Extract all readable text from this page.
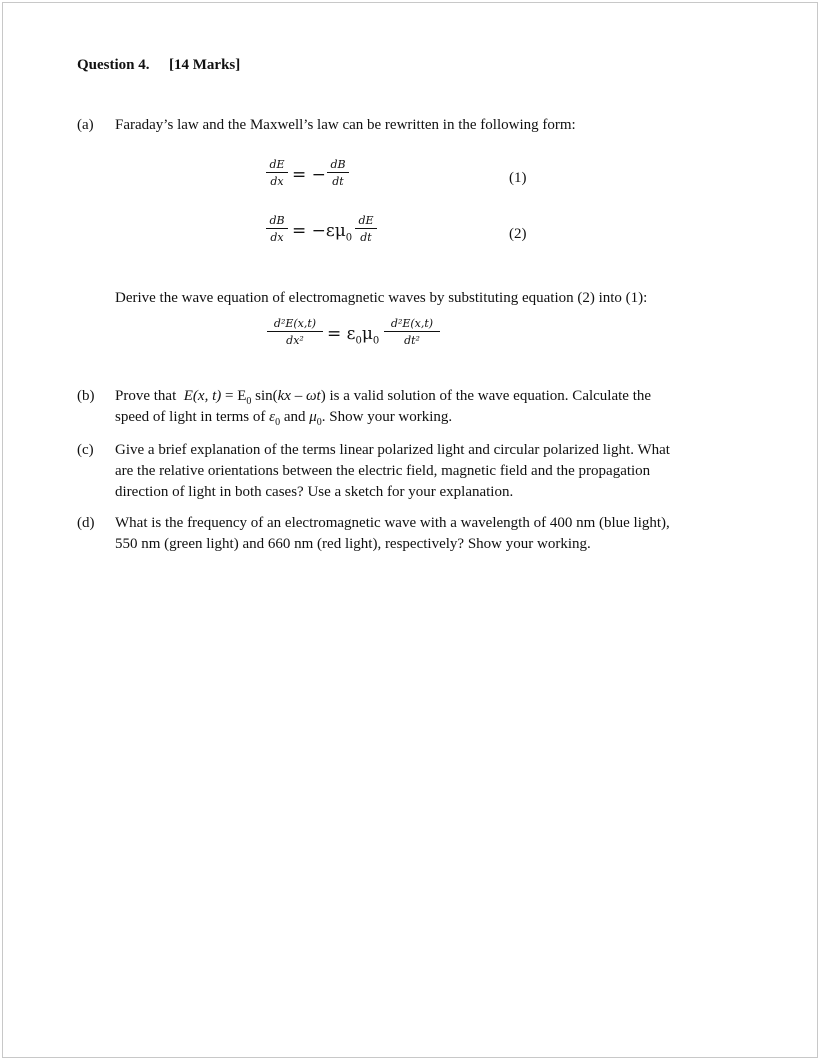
Question 4. [14 Marks]
(a) Faraday’s law and the Maxwell’s law can be rewritten in the following form:
dE
dx = −
dB
dt	(1)
dB
dx = $-\varepsilon\mu_0$
dE
dt	(2)
Derive the wave equation of electromagnetic waves by substituting equation (2) into (1):
d²E(x,t)
dx²	= $\varepsilon_0\mu_0$
d²E(x,t)
dt²
(b) Prove that E(x, $t) = E_0$ sin(kx – ωt) is a valid solution of the wave equation. Calculate the
speed of light in terms of $\varepsilon_0$ and $\mu_0$. Show your working.
(c) Give a brief explanation of the terms linear polarized light and circular polarized light. What
are the relative orientations between the electric field, magnetic field and the propagation
direction of light in both cases? Use a sketch for your explanation.
(d) What is the frequency of an electromagnetic wave with a wavelength of 400 nm (blue light),
550 nm (green light) and 660 nm (red light), respectively? Show your working.
